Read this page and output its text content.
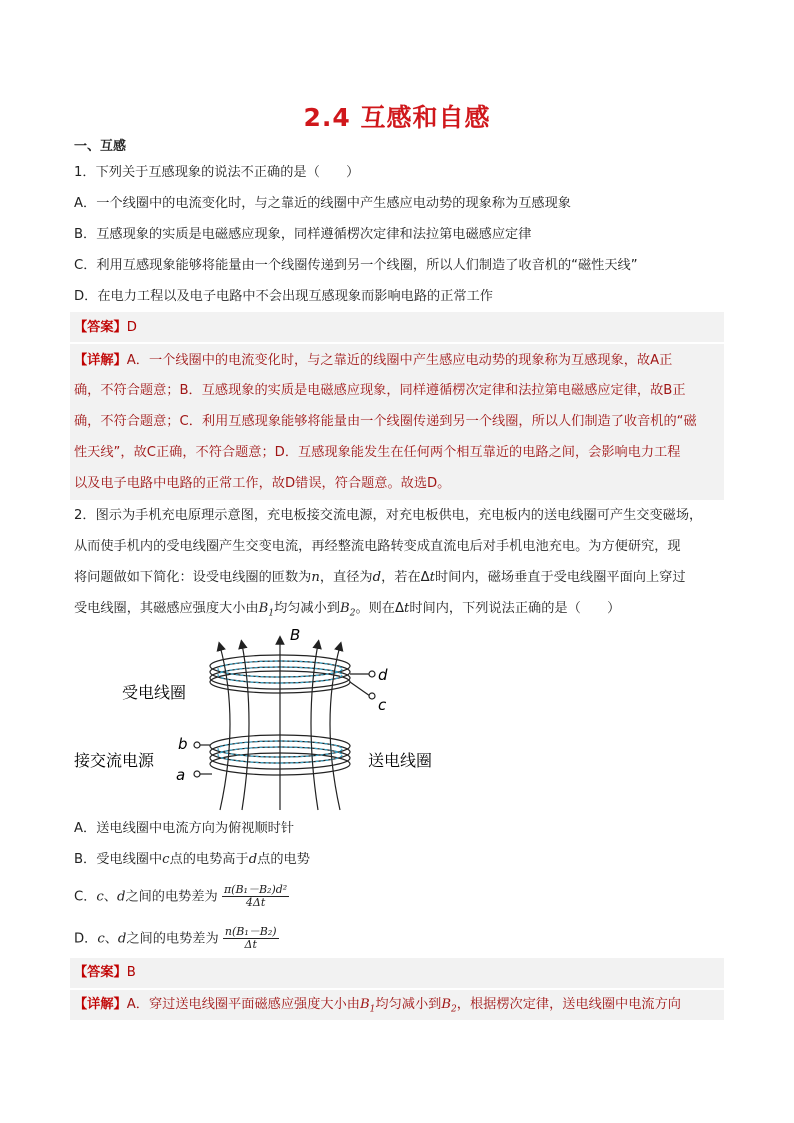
2.4 互感和自感
一、互感
1．下列关于互感现象的说法不正确的是（　　）
A．一个线圈中的电流变化时，与之靠近的线圈中产生感应电动势的现象称为互感现象
B．互感现象的实质是电磁感应现象，同样遵循楞次定律和法拉第电磁感应定律
C．利用互感现象能够将能量由一个线圈传递到另一个线圈，所以人们制造了收音机的“磁性天线”
D．在电力工程以及电子电路中不会出现互感现象而影响电路的正常工作
【答案】D
【详解】A．一个线圈中的电流变化时，与之靠近的线圈中产生感应电动势的现象称为互感现象，故A正
确，不符合题意；B．互感现象的实质是电磁感应现象，同样遵循楞次定律和法拉第电磁感应定律，故B正
确，不符合题意；C．利用互感现象能够将能量由一个线圈传递到另一个线圈，所以人们制造了收音机的“磁
性天线”，故C正确，不符合题意；D．互感现象能发生在任何两个相互靠近的电路之间，会影响电力工程
以及电子电路中电路的正常工作，故D错误，符合题意。故选D。
2．图示为手机充电原理示意图，充电板接交流电源，对充电板供电，充电板内的送电线圈可产生交变磁场，
从而使手机内的受电线圈产生交变电流，再经整流电路转变成直流电后对手机电池充电。为方便研究，现
将问题做如下简化：设受电线圈的匝数为n，直径为d，若在Δt时间内，磁场垂直于受电线圈平面向上穿过
受电线圈，其磁感应强度大小由$B_1$均匀减小到$B_2$。则在Δt时间内，下列说法正确的是（　　）
B
受电线圈
接交流电源	送电线圈
d
c
b
a
A．送电线圈中电流方向为俯视顺时针
B．受电线圈中c点的电势高于d点的电势
C．c、d之间的电势差为 $\frac{\text{π(B₁－B₂)d²}}{4\Delta t}$
D．c、d之间的电势差为 $\frac{\text{n(B₁－B₂)}}{\Delta t}$
【答案】B
【详解】A．穿过送电线圈平面磁感应强度大小由$B_1$均匀减小到$B_2$，根据楞次定律，送电线圈中电流方向
